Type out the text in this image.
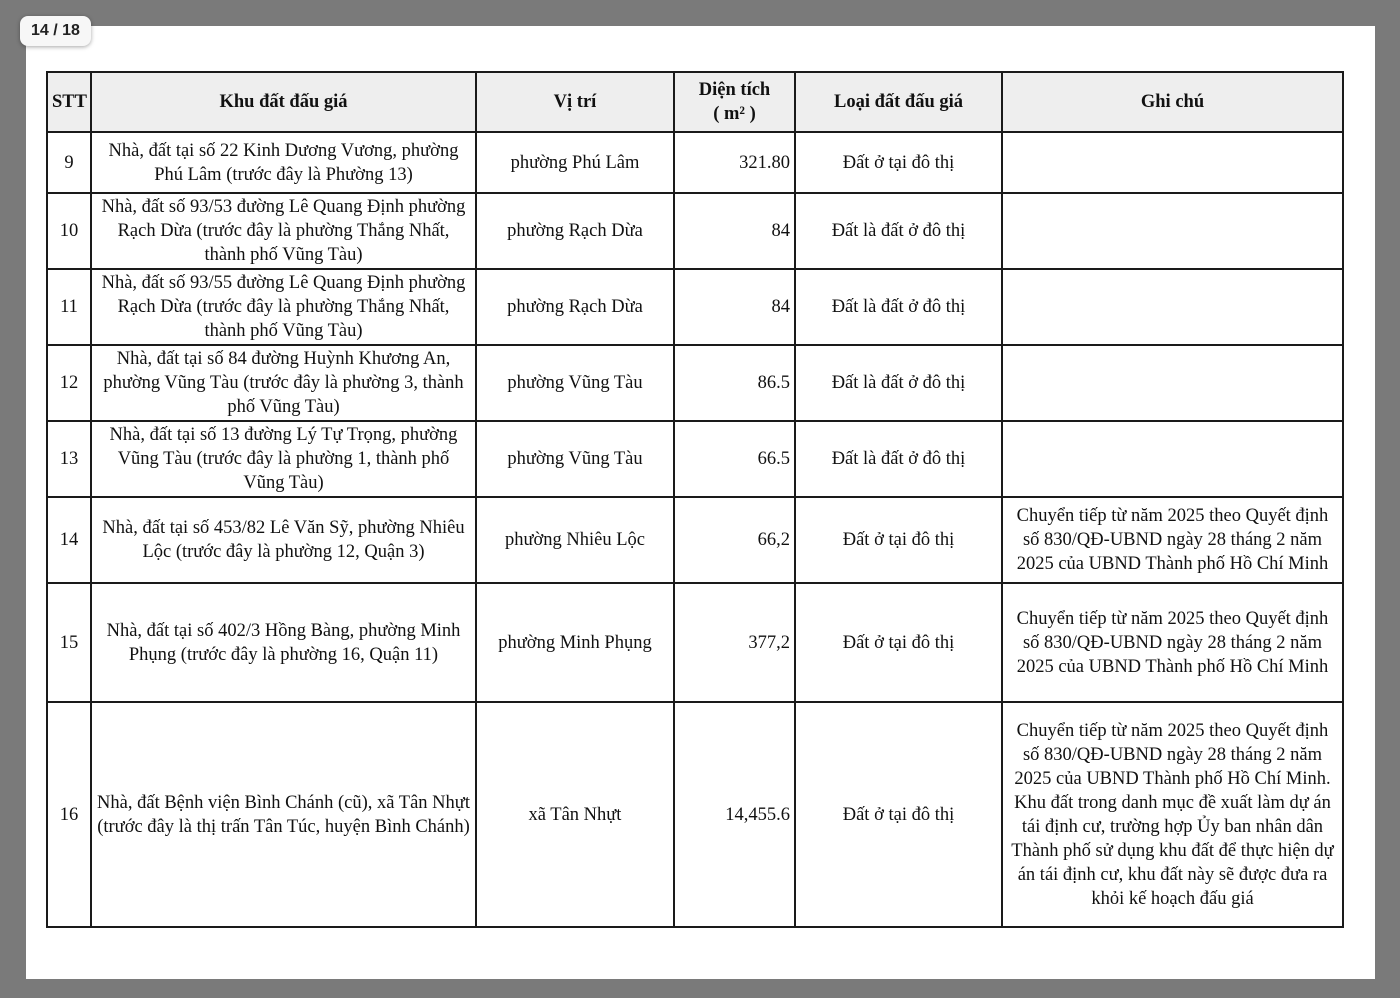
14 / 18
STT	Khu đất đấu giá	Vị trí	Diện tích
( m² )	Loại đất đấu giá	Ghi chú
9	Nhà, đất tại số 22 Kinh Dương Vương, phường Phú Lâm (trước đây là Phường 13)	phường Phú Lâm	321.80	Đất ở tại đô thị	
10	Nhà, đất số 93/53 đường Lê Quang Định phường Rạch Dừa (trước đây là phường Thắng Nhất, thành phố Vũng Tàu)	phường Rạch Dừa	84	Đất là đất ở đô thị	
11	Nhà, đất số 93/55 đường Lê Quang Định phường Rạch Dừa (trước đây là phường Thắng Nhất, thành phố Vũng Tàu)	phường Rạch Dừa	84	Đất là đất ở đô thị	
12	Nhà, đất tại số 84 đường Huỳnh Khương An, phường Vũng Tàu (trước đây là phường 3, thành phố Vũng Tàu)	phường Vũng Tàu	86.5	Đất là đất ở đô thị	
13	Nhà, đất tại số 13 đường Lý Tự Trọng, phường Vũng Tàu (trước đây là phường 1, thành phố Vũng Tàu)	phường Vũng Tàu	66.5	Đất là đất ở đô thị	
14	Nhà, đất tại số 453/82 Lê Văn Sỹ, phường Nhiêu Lộc (trước đây là phường 12, Quận 3)	phường Nhiêu Lộc	66,2	Đất ở tại đô thị	Chuyển tiếp từ năm 2025 theo Quyết định số 830/QĐ-UBND ngày 28 tháng 2 năm 2025 của UBND Thành phố Hồ Chí Minh
15	Nhà, đất tại số 402/3 Hồng Bàng, phường Minh Phụng (trước đây là phường 16, Quận 11)	phường Minh Phụng	377,2	Đất ở tại đô thị	Chuyển tiếp từ năm 2025 theo Quyết định số 830/QĐ-UBND ngày 28 tháng 2 năm 2025 của UBND Thành phố Hồ Chí Minh
16	Nhà, đất Bệnh viện Bình Chánh (cũ), xã Tân Nhựt (trước đây là thị trấn Tân Túc, huyện Bình Chánh)	xã Tân Nhựt	14,455.6	Đất ở tại đô thị	Chuyển tiếp từ năm 2025 theo Quyết định số 830/QĐ-UBND ngày 28 tháng 2 năm 2025 của UBND Thành phố Hồ Chí Minh. Khu đất trong danh mục đề xuất làm dự án tái định cư, trường hợp Ủy ban nhân dân Thành phố sử dụng khu đất để thực hiện dự án tái định cư, khu đất này sẽ được đưa ra khỏi kế hoạch đấu giá
